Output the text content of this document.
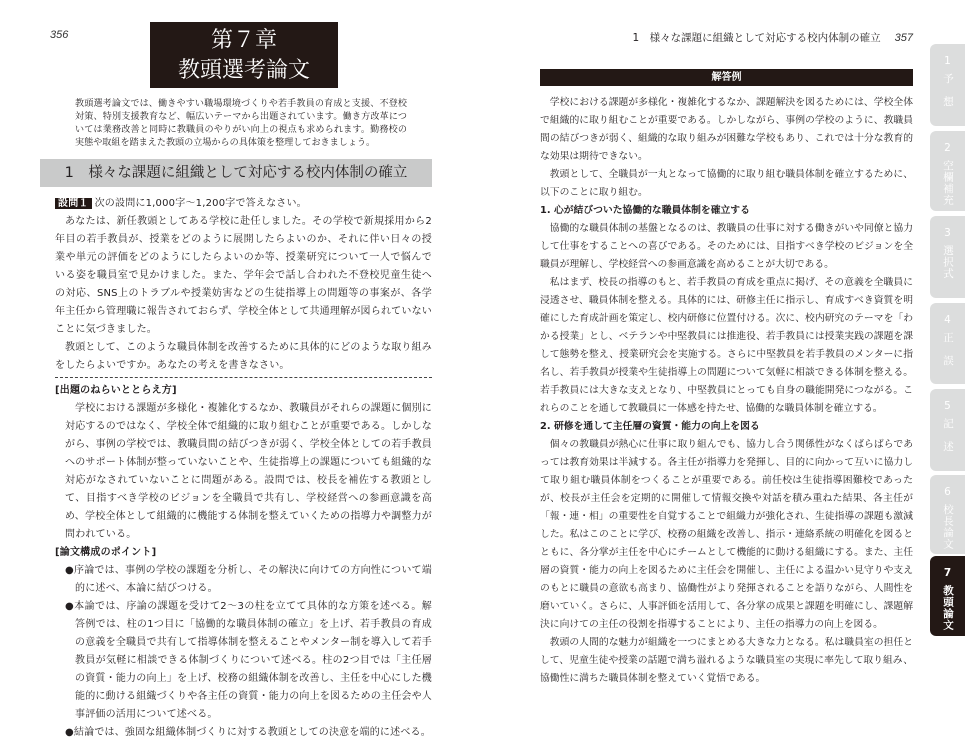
356	第７章
教頭選考論文
教頭選考論文では、働きやすい職場環境づくりや若手教員の育成と支援、不登校対策、特別支援教育など、幅広いテーマから出題されています。働き方改革については業務改善と同時に教職員のやりがい向上の視点も求められます。勤務校の実態や取組を踏まえた教頭の立場からの具体策を整理しておきましょう。
1　様々な課題に組織として対応する校内体制の確立

設問１ 次の設問に1,000字〜1,200字で答えなさい。

あなたは、新任教頭としてある学校に赴任しました。その学校で新規採用から2年目の若手教員が、授業をどのように展開したらよいのか、それに伴い日々の授業や単元の評価をどのようにしたらよいのか等、授業研究について一人で悩んでいる姿を職員室で見かけました。また、学年会で話し合われた不登校児童生徒への対応、SNS上のトラブルや授業妨害などの生徒指導上の問題等の事案が、各学年主任から管理職に報告されておらず、学校全体として共通理解が図られていないことに気づきました。

教頭として、このような職員体制を改善するために具体的にどのような取り組みをしたらよいですか。あなたの考えを書きなさい。

[出題のねらいととらえ方]

学校における課題が多様化・複雑化するなか、教職員がそれらの課題に個別に対応するのではなく、学校全体で組織的に取り組むことが重要である。しかしながら、事例の学校では、教職員間の結びつきが弱く、学校全体としての若手教員へのサポート体制が整っていないことや、生徒指導上の課題についても組織的な対応がなされていないことに問題がある。設問では、校長を補佐する教頭として、目指すべき学校のビジョンを全職員で共有し、学校経営への参画意識を高め、学校全体として組織的に機能する体制を整えていくための指導力や調整力が問われている。

[論文構成のポイント]

●序論では、事例の学校の課題を分析し、その解決に向けての方向性について端的に述べ、本論に結びつける。

●本論では、序論の課題を受けて2〜3の柱を立てて具体的な方策を述べる。解答例では、柱の1つ目に「協働的な職員体制の確立」を上げ、若手教員の育成の意義を全職員で共有して指導体制を整えることやメンター制を導入して若手教員が気軽に相談できる体制づくりについて述べる。柱の2つ目では「主任層の資質・能力の向上」を上げ、校務の組織体制を改善し、主任を中心にした機能的に動ける組織づくりや各主任の資質・能力の向上を図るための主任会や人事評価の活用について述べる。

●結論では、強固な組織体制づくりに対する教頭としての決意を端的に述べる。

1　様々な課題に組織として対応する校内体制の確立 357
解答例

学校における課題が多様化・複雑化するなか、課題解決を図るためには、学校全体で組織的に取り組むことが重要である。しかしながら、事例の学校のように、教職員間の結びつきが弱く、組織的な取り組みが困難な学校もあり、これでは十分な教育的な効果は期待できない。

教頭として、全職員が一丸となって協働的に取り組む職員体制を確立するために、以下のことに取り組む。

1. 心が結びついた協働的な職員体制を確立する

協働的な職員体制の基盤となるのは、教職員の仕事に対する働きがいや同僚と協力して仕事をすることへの喜びである。そのためには、目指すべき学校のビジョンを全職員が理解し、学校経営への参画意識を高めることが大切である。

私はまず、校長の指導のもと、若手教員の育成を重点に掲げ、その意義を全職員に浸透させ、職員体制を整える。具体的には、研修主任に指示し、育成すべき資質を明確にした育成計画を策定し、校内研修に位置付ける。次に、校内研究のテーマを「わかる授業」とし、ベテランや中堅教員には推進役、若手教員には授業実践の課題を課して態勢を整え、授業研究会を実施する。さらに中堅教員を若手教員のメンターに指名し、若手教員が授業や生徒指導上の問題について気軽に相談できる体制を整える。若手教員には大きな支えとなり、中堅教員にとっても自身の職能開発につながる。これらのことを通して教職員に一体感を持たせ、協働的な職員体制を確立する。

2. 研修を通して主任層の資質・能力の向上を図る

個々の教職員が熱心に仕事に取り組んでも、協力し合う関係性がなくばらばらであっては教育効果は半減する。各主任が指導力を発揮し、目的に向かって互いに協力して取り組む職員体制をつくることが重要である。前任校は生徒指導困難校であったが、校長が主任会を定期的に開催して情報交換や対話を積み重ねた結果、各主任が「報・連・相」の重要性を自覚することで組織力が強化され、生徒指導の課題も激減した。私はこのことに学び、校務の組織を改善し、指示・連絡系統の明確化を図るとともに、各分掌が主任を中心にチームとして機能的に動ける組織にする。また、主任層の資質・能力の向上を図るために主任会を開催し、主任による温かい見守りや支えのもとに職員の意欲も高まり、協働性がより発揮されることを語りながら、人間性を磨いていく。さらに、人事評価を活用して、各分掌の成果と課題を明確にし、課題解決に向けての主任の役割を指導することにより、主任の指導力の向上を図る。

教頭の人間的な魅力が組織を一つにまとめる大きな力となる。私は職員室の担任として、児童生徒や授業の話題で満ち溢れるような職員室の実現に率先して取り組み、協働性に満ちた職員体制を整えていく覚悟である。

1
予　想
2
空欄補充
3
選択式
4
正　誤
5
記　述
6
校長論文
7
教頭論文
